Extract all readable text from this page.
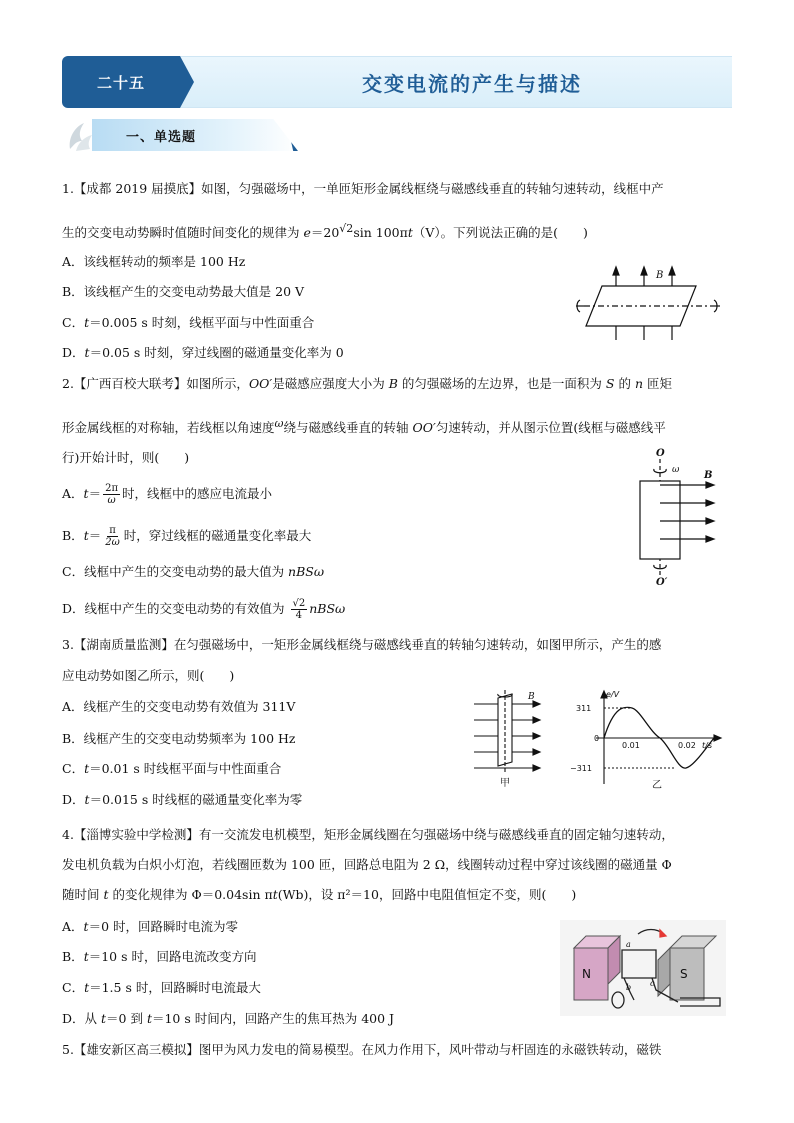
二十五	交变电流的产生与描述
一、单选题
1.【成都 2019 届摸底】如图，匀强磁场中，一单匝矩形金属线框绕与磁感线垂直的转轴匀速转动，线框中产
生的交变电动势瞬时值随时间变化的规律为 e＝20√2sin 100πt（V）。下列说法正确的是(　　)
A．该线框转动的频率是 100 Hz
B．该线框产生的交变电动势最大值是 20 V
C．t＝0.005 s 时刻，线框平面与中性面重合
D．t＝0.05 s 时刻，穿过线圈的磁通量变化率为 0
B
2.【广西百校大联考】如图所示，OO′是磁感应强度大小为 B 的匀强磁场的左边界，也是一面积为 S 的 n 匝矩
形金属线框的对称轴，若线框以角速度ω绕与磁感线垂直的转轴 OO′匀速转动，并从图示位置(线框与磁感线平
行)开始计时，则(　　)
A．$t= \frac{2\pi}{\omega}$ 时，线框中的感应电流最小
B．$t= \frac{\pi}{2\omega}$ 时，穿过线框的磁通量变化率最大
C．线框中产生的交变电动势的最大值为 nBSω
D．线框中产生的交变电动势的有效值为 $\frac{√2}{4}$ nBSω
O
ω B
O′
3.【湖南质量监测】在匀强磁场中，一矩形金属线框绕与磁感线垂直的转轴匀速转动，如图甲所示，产生的感
应电动势如图乙所示，则(　　)
A．线框产生的交变电动势有效值为 311V
B．线框产生的交变电动势频率为 100 Hz
C．t＝0.01 s 时线框平面与中性面重合
D．t＝0.015 s 时线框的磁通量变化率为零
B
甲
e/V
311
0
0.01	0.02 t/s
−311
乙
4.【淄博实验中学检测】有一交流发电机模型，矩形金属线圈在匀强磁场中绕与磁感线垂直的固定轴匀速转动，
发电机负载为白炽小灯泡，若线圈匝数为 100 匝，回路总电阻为 2 Ω，线圈转动过程中穿过该线圈的磁通量 Φ
随时间 t 的变化规律为 Φ＝0.04sin πt(Wb)，设 π²＝10，回路中电阻值恒定不变，则(　　)
A．t＝0 时，回路瞬时电流为零
B．t＝10 s 时，回路电流改变方向
C．t＝1.5 s 时，回路瞬时电流最大
D．从 t＝0 到 t＝10 s 时间内，回路产生的焦耳热为 400 J
N	S
a
b c
5.【雄安新区高三模拟】图甲为风力发电的简易模型。在风力作用下，风叶带动与杆固连的永磁铁转动，磁铁
